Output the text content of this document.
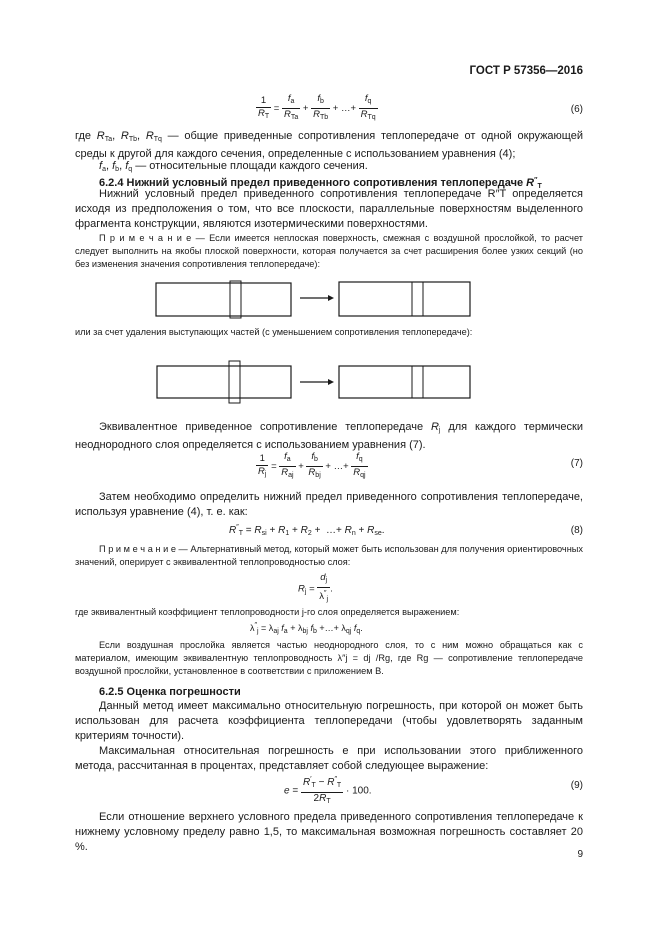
ГОСТ Р 57356—2016
$\frac{1}{R_T} = \frac{f_a}{R_{Ta}} + \frac{f_b}{R_{Tb}}$ + …+ $\frac{f_q}{R_{Tq}}$	(6)
где $R_{Ta}$, $R_{Tb}$, $R_{Tq}$ — общие приведенные сопротивления теплопередаче от одной окружающей среды к другой для каждого сечения, определенные с использованием уравнения (4);
$f_a$, $f_b$, $f_q$ — относительные площади каждого сечения.
6.2.4 Нижний условный предел приведенного сопротивления теплопередаче $R''_T$
Нижний условный предел приведенного сопротивления теплопередаче R″T определяется исходя из предположения о том, что все плоскости, параллельные поверхностям выделенного фрагмента конструкции, являются изотермическими поверхностями.
П р и м е ч а н и е — Если имеется неплоская поверхность, смежная с воздушной прослойкой, то расчет следует выполнить на якобы плоской поверхности, которая получается за счет расширения более узких секций (но без изменения значения сопротивления теплопередаче):
или за счет удаления выступающих частей (с уменьшением сопротивления теплопередаче):
Эквивалентное приведенное сопротивление теплопередаче $R_j$ для каждого термически неоднородного слоя определяется с использованием уравнения (7).
$\frac{1}{R_j} = \frac{f_a}{R_{aj}} + \frac{f_b}{R_{bj}}$ + …+ $\frac{f_q}{R_{qj}}$	(7)
Затем необходимо определить нижний предел приведенного сопротивления теплопередаче, используя уравнение (4), т. е. как:
$R''_T = R_{si} + R_1 + R_2$ +  …+ $R_n + R_{se}$.	(8)
П р и м е ч а н и е — Альтернативный метод, который может быть использован для получения ориентировочных значений, оперирует с эквивалентной теплопроводностью слоя:
$R_j = \frac{d_j}{\lambda''_j}$ .
где эквивалентный коэффициент теплопроводности j-го слоя определяется выражением:
$\lambda''_j = \lambda_{aj}$ $f_a + \lambda_{bj}$ $f_b$ +…+ $\lambda_{qj}$ $f_q$.
Если воздушная прослойка является частью неоднородного слоя, то с ним можно обращаться как с материалом, имеющим эквивалентную теплопроводность λ″j = dj /Rg, где Rg — сопротивление теплопередаче воздушной прослойки, установленное в соответствии с приложением В.
6.2.5 Оценка погрешности
Данный метод имеет максимально относительную погрешность, при которой он может быть использован для расчета коэффициента теплопередачи (чтобы удовлетворять заданным критериям точности).
Максимальная относительная погрешность e при использовании этого приближенного метода, рассчитанная в процентах, представляет собой следующее выражение:
$e = \frac{R'_T - R''_T}{2R_T} \cdot 100$.
(9)
Если отношение верхнего условного предела приведенного сопротивления теплопередаче к нижнему условному пределу равно 1,5, то максимальная возможная погрешность составляет 20 %.
9
